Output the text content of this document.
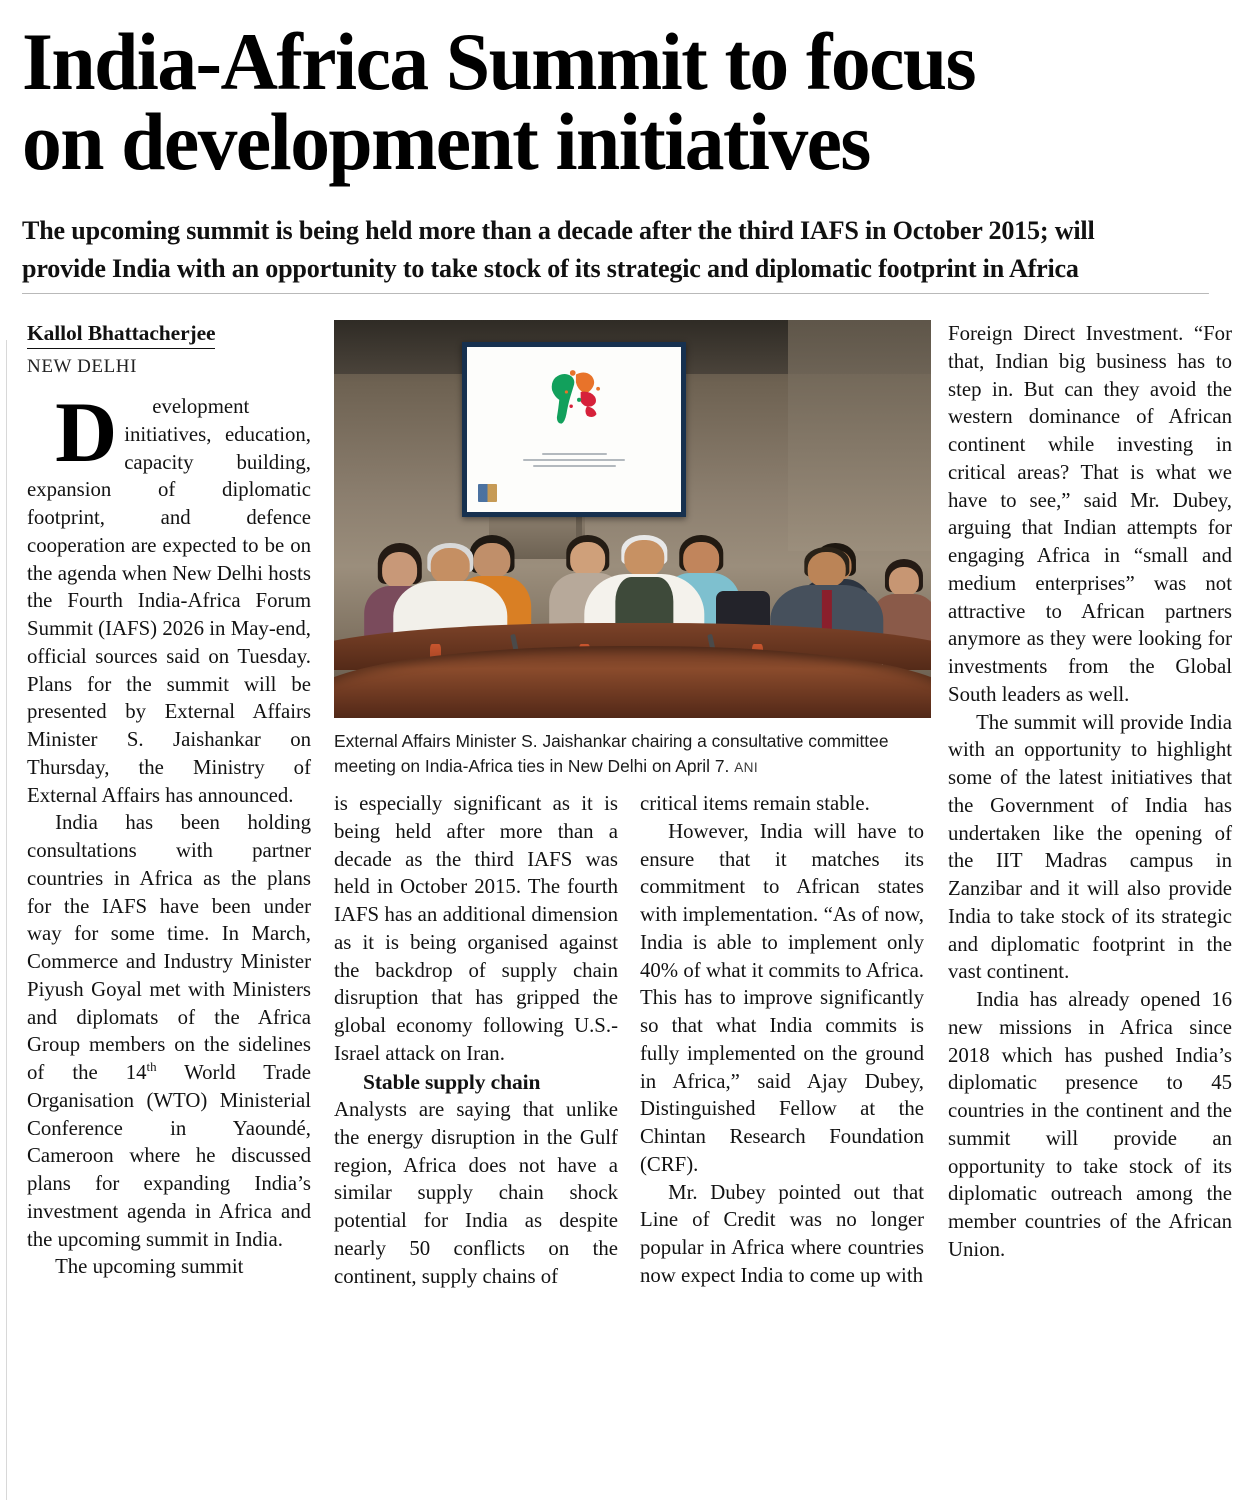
India-Africa Summit to focus
on development initiatives
The upcoming summit is being held more than a decade after the third IAFS in October 2015; will
provide India with an opportunity to take stock of its strategic and diplomatic footprint in Africa
External Affairs Minister S. Jaishankar chairing a consultative committee meeting on India-Africa ties in New Delhi on April 7. ANI
Kallol Bhattacherjee
NEW DELHI

D	evelopment initiatives, education, capacity building, expansion of diplomatic footprint, and defence cooperation are expected to be on the agenda when New Delhi hosts the Fourth India-Africa Forum Summit (IAFS) 2026 in May-end, official sources said on Tuesday. Plans for the summit will be presented by External Affairs Minister S. Jaishankar on Thursday, the Ministry of External Affairs has announced.

India has been holding consultations with partner countries in Africa as the plans for the IAFS have been under way for some time. In March, Commerce and Industry Minister Piyush Goyal met with Ministers and diplomats of the Africa Group members on the sidelines of the 14th World Trade Organisation (WTO) Ministerial Conference in Yaoundé, Cameroon where he discussed plans for expanding India’s investment agenda in Africa and the upcoming summit in India.

The upcoming summit

is especially significant as it is being held after more than a decade as the third IAFS was held in October 2015. The fourth IAFS has an additional dimension as it is being organised against the backdrop of supply chain disruption that has gripped the global economy following U.S.-Israel attack on Iran.

Stable supply chain

Analysts are saying that unlike the energy disruption in the Gulf region, Africa does not have a similar supply chain shock potential for India as despite nearly 50 conflicts on the continent, supply chains of

critical items remain stable.

However, India will have to ensure that it matches its commitment to African states with implementation. “As of now, India is able to implement only 40% of what it commits to Africa. This has to improve significantly so that what India commits is fully implemented on the ground in Africa,” said Ajay Dubey, Distinguished Fellow at the Chintan Research Foundation (CRF).

Mr. Dubey pointed out that Line of Credit was no longer popular in Africa where countries now expect India to come up with

Foreign Direct Investment. “For that, Indian big business has to step in. But can they avoid the western dominance of African continent while investing in critical areas? That is what we have to see,” said Mr. Dubey, arguing that Indian attempts for engaging Africa in “small and medium enterprises” was not attractive to African partners anymore as they were looking for investments from the Global South leaders as well.

The summit will provide India with an opportunity to highlight some of the latest initiatives that the Government of India has undertaken like the opening of the IIT Madras campus in Zanzibar and it will also provide India to take stock of its strategic and diplomatic footprint in the vast continent.

India has already opened 16 new missions in Africa since 2018 which has pushed India’s diplomatic presence to 45 countries in the continent and the summit will provide an opportunity to take stock of its diplomatic outreach among the member countries of the African Union.
